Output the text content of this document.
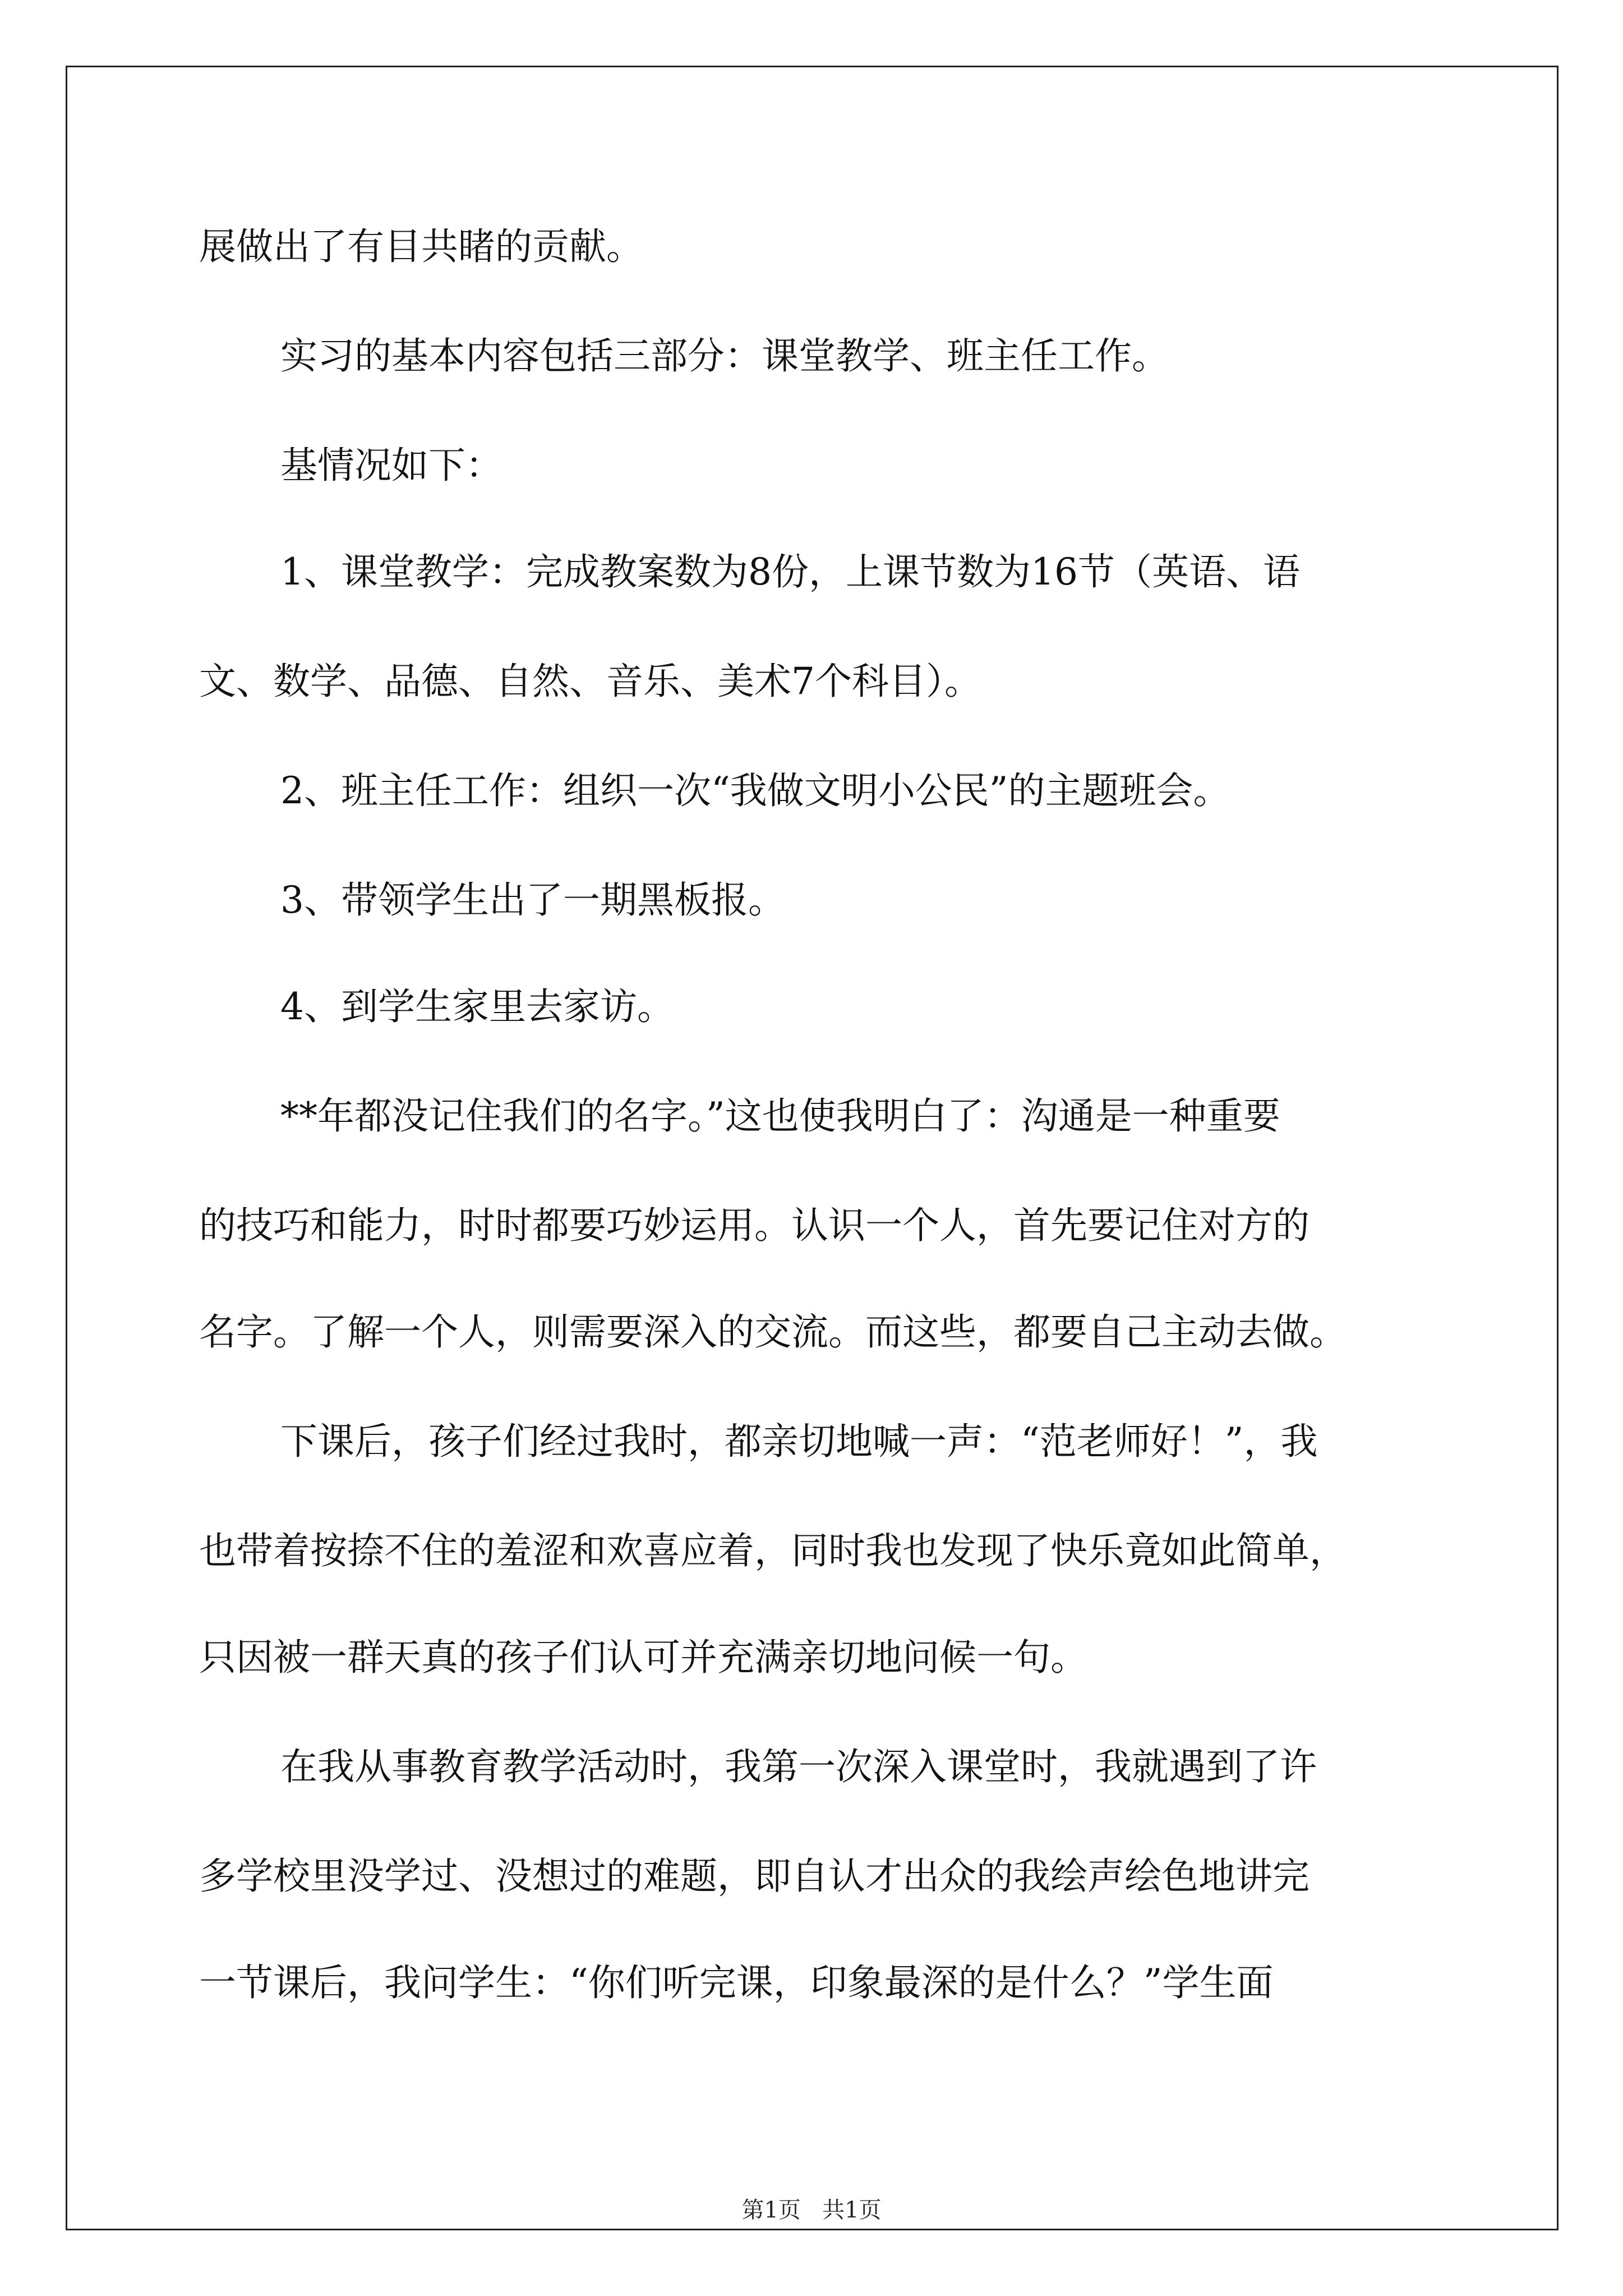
展做出了有目共睹的贡献。
实习的基本内容包括三部分：课堂教学、班主任工作。
基情况如下：
1、课堂教学：完成教案数为8份，上课节数为16节（英语、语
文、数学、品德、自然、音乐、美术7个科目）。
2、班主任工作：组织一次“我做文明小公民”的主题班会。
3、带领学生出了一期黑板报。
4、到学生家里去家访。
**年都没记住我们的名字。”这也使我明白了：沟通是一种重要
的技巧和能力，时时都要巧妙运用。认识一个人，首先要记住对方的
名字。了解一个人，则需要深入的交流。而这些，都要自己主动去做。
下课后，孩子们经过我时，都亲切地喊一声：“范老师好！”，我
也带着按捺不住的羞涩和欢喜应着，同时我也发现了快乐竟如此简单，
只因被一群天真的孩子们认可并充满亲切地问候一句。
在我从事教育教学活动时，我第一次深入课堂时，我就遇到了许
多学校里没学过、没想过的难题，即自认才出众的我绘声绘色地讲完
一节课后，我问学生：“你们听完课，印象最深的是什么？”学生面
第1页   共1页
